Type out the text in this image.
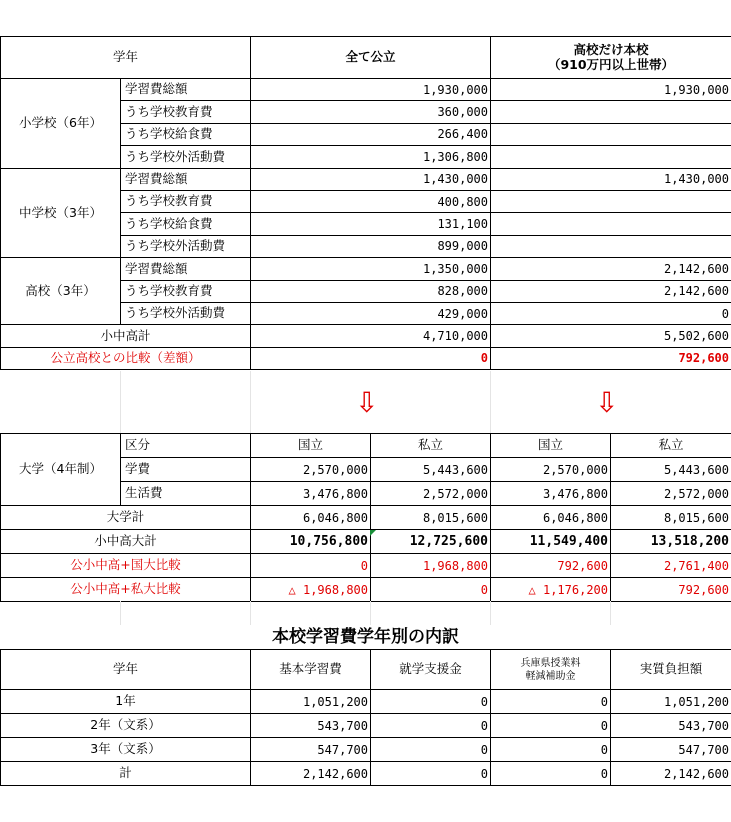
学年		全て公立	高校だけ本校
（910万円以上世帯）

小学校（6年）	学習費総額	1,930,000	1,930,000
	うち学校教育費	360,000	
	うち学校給食費	266,400	
	うち学校外活動費	1,306,800	
中学校（3年）	学習費総額	1,430,000	1,430,000
	うち学校教育費	400,800	
	うち学校給食費	131,100	
	うち学校外活動費	899,000	
高校（3年）	学習費総額	1,350,000	2,142,600
	うち学校教育費	828,000	2,142,600
	うち学校外活動費	429,000	0
小中高計		4,710,000	5,502,600
公立高校との比較（差額）		0	792,600
⇩	⇩
大学（4年制）	区分	国立	私立	国立	私立
	学費	2,570,000	5,443,600	2,570,000	5,443,600
	生活費	3,476,800	2,572,000	3,476,800	2,572,000
大学計		6,046,800	8,015,600	6,046,800	8,015,600
小中高大計		10,756,800	12,725,600	11,549,400	13,518,200
公小中高+国大比較		0	1,968,800	792,600	2,761,400
公小中高+私大比較		△ 1,968,800	0	△ 1,176,200	792,600
本校学習費学年別の内訳
学年	基本学習費	就学支援金	兵庫県授業料
軽減補助金	実質負担額
1年	1,051,200	0	0	1,051,200
2年（文系）	543,700	0	0	543,700
3年（文系）	547,700	0	0	547,700
計	2,142,600	0	0	2,142,600
